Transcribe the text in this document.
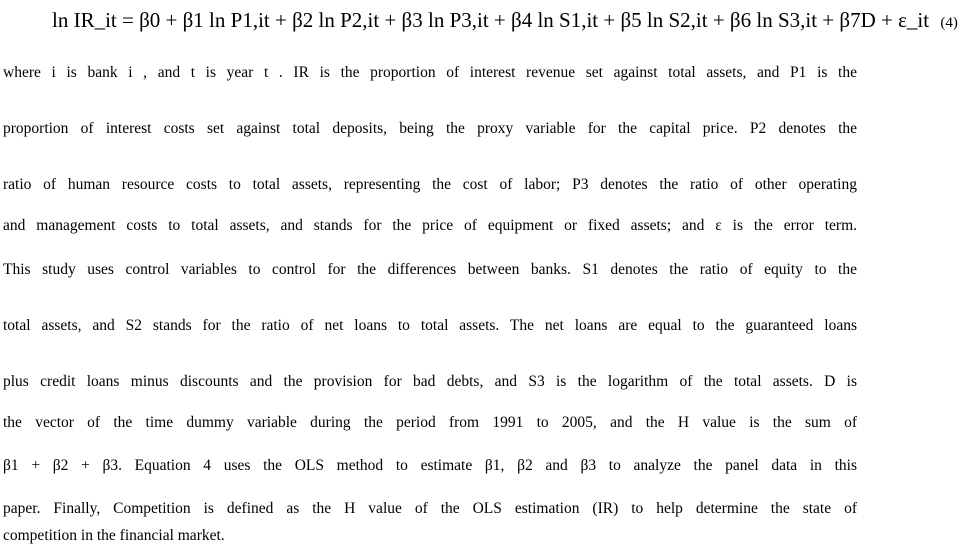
ln IR_it = β0 + β1 ln P1,it + β2 ln P2,it + β3 ln P3,it + β4 ln S1,it + β5 ln S2,it + β6 ln S3,it + β7D + ε_it (4)
where i is bank i , and t is year t . IR is the proportion of interest revenue set against total assets, and P1 is the
proportion of interest costs set against total deposits, being the proxy variable for the capital price. P2 denotes the
ratio of human resource costs to total assets, representing the cost of labor; P3 denotes the ratio of other operating
and management costs to total assets, and stands for the price of equipment or fixed assets; and ε is the error term.
This study uses control variables to control for the differences between banks. S1 denotes the ratio of equity to the
total assets, and S2 stands for the ratio of net loans to total assets. The net loans are equal to the guaranteed loans
plus credit loans minus discounts and the provision for bad debts, and S3 is the logarithm of the total assets. D is
the vector of the time dummy variable during the period from 1991 to 2005, and the H value is the sum of
β1 + β2 + β3. Equation 4 uses the OLS method to estimate β1, β2 and β3 to analyze the panel data in this
paper. Finally, Competition is defined as the H value of the OLS estimation (IR) to help determine the state of
competition in the financial market.
